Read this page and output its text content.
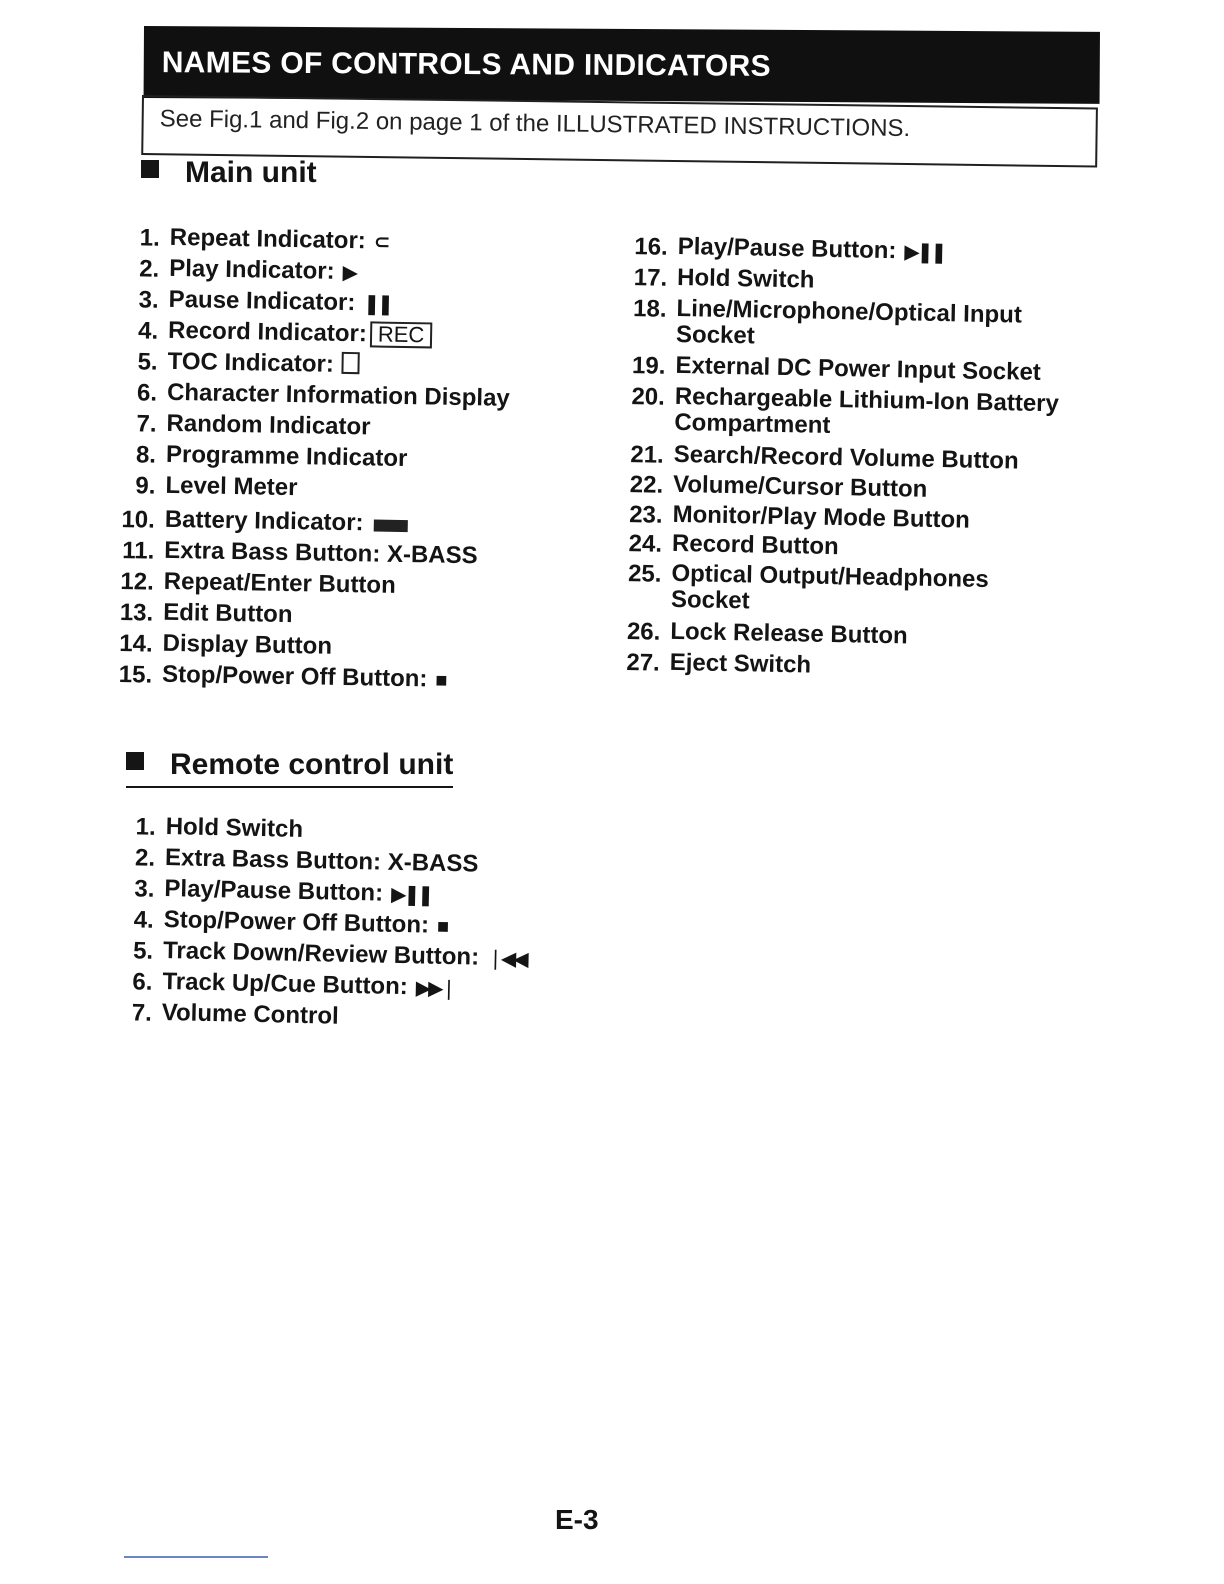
NAMES OF CONTROLS AND INDICATORS
See Fig.1 and Fig.2 on page 1 of the ILLUSTRATED INSTRUCTIONS.
Main unit
1. Repeat Indicator: ⊂
2. Play Indicator: ▶
3. Pause Indicator: ❚❚
4. Record Indicator: REC
5. TOC Indicator:
6. Character Information Display
7. Random Indicator
8. Programme Indicator
9. Level Meter
10. Battery Indicator:
11. Extra Bass Button: X-BASS
12. Repeat/Enter Button
13. Edit Button
14. Display Button
15. Stop/Power Off Button: ■
16. Play/Pause Button: ▶❚❚
17. Hold Switch
18. Line/Microphone/Optical Input
Socket
19. External DC Power Input Socket
20. Rechargeable Lithium-Ion Battery
Compartment
21. Search/Record Volume Button
22. Volume/Cursor Button
23. Monitor/Play Mode Button
24. Record Button
25. Optical Output/Headphones
Socket
26. Lock Release Button
27. Eject Switch
Remote control unit
1. Hold Switch
2. Extra Bass Button: X-BASS
3. Play/Pause Button: ▶❚❚
4. Stop/Power Off Button: ■
5. Track Down/Review Button: ❘◀◀
6. Track Up/Cue Button: ▶▶❘
7. Volume Control
E-3
